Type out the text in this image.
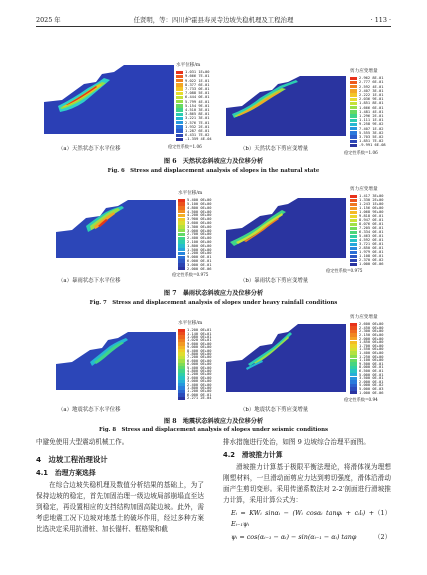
2025 年	任贤明，等：四川炉霍县寿灵寺边坡失稳机理及工程治理	· 113 ·
水平位移/m
1.031 1E+00
9.666 7E-01
9.022 1E-01
8.377 6E-01
7.733 0E-01
7.088 5E-01
6.444 0E-01
5.799 4E-01
5.154 9E-01
4.510 3E-01
3.865 8E-01
3.221 3E-01
2.576 7E-01
1.932 2E-01
1.287 6E-01
6.431 7E-02
-1.359 4E-04
稳定性系数=1.06
剪力应变增量
2.962 8E-01
2.777 6E-01
2.592 4E-01
2.407 3E-01
2.222 1E-01
2.036 9E-01
1.851 8E-01
1.666 6E-01
1.481 4E-01
1.296 2E-01
1.111 1E-01
9.258 9E-02
7.407 1E-02
5.555 3E-02
3.703 5E-02
1.851 7E-02
-9.991 6E-08
稳定性系数=1.06
（a）天然状态下水平位移	（b）天然状态下剪应变增量
图 6　天然状态斜坡应力及位移分析
Fig. 6　Stress and displacement analysis of slopes in the natural state
水平位移/m
5.400 0E+00
5.100 0E+00
4.800 0E+00
4.500 0E+00
4.200 0E+00
3.900 0E+00
3.600 0E+00
3.300 0E+00
3.000 0E+00
2.700 0E+00
2.400 0E+00
2.100 0E+00
1.800 0E+00
1.500 0E+00
1.200 0E+00
9.000 0E-01
6.000 0E-01
3.000 0E-01
2.000 0E-06
稳定性系数=0.975
剪力应变增量
1.417 3E+00
1.330 2E+00
1.243 1E+00
1.156 0E+00
1.068 9E+00
9.818 0E-01
8.947 0E-01
8.076 0E-01
7.205 0E-01
6.334 0E-01
5.463 0E-01
4.592 0E-01
3.721 0E-01
2.850 0E-01
1.979 0E-01
1.108 0E-01
2.370 0E-02
1.000 0E-06
稳定性系数=0.975
（a）暴雨状态下水平位移	（b）暴雨状态下剪应变增量
图 7　暴雨状态斜坡应力及位移分析
Fig. 7　Stress and displacement analysis of slopes under heavy rainfall conditions
水平位移/m
1.200 0E+01
1.140 0E+01
1.080 0E+01
1.020 0E+01
9.600 0E+00
9.000 0E+00
8.400 0E+00
7.800 0E+00
7.200 0E+00
6.600 0E+00
6.000 0E+00
5.400 0E+00
4.800 0E+00
4.200 0E+00
3.600 0E+00
3.000 0E+00
2.400 0E+00
1.800 0E+00
1.200 0E+00
6.000 0E-01
2.271 2E-04
剪力应变增量
2.600 0E+00
2.450 0E+00
2.300 0E+00
2.150 0E+00
2.000 0E+00
1.850 0E+00
1.700 0E+00
1.550 0E+00
1.400 0E+00
1.250 0E+00
1.100 0E+00
9.500 0E-01
8.000 0E-01
6.500 0E-01
5.000 0E-01
3.500 0E-01
2.000 0E-01
5.000 0E-02
5.000 0E-03
1.000 0E-06
稳定性系数=0.94
（a）地震状态下水平位移	（b）地震状态下剪应变增量
图 8　地震状态斜坡应力及位移分析
Fig. 8　Stress and displacement analysis of slopes under seismic conditions

中避免使用大型震动机械工作。

4　边坡工程治理设计

4.1　治理方案选择

在综合边坡失稳机理及数值分析结果的基础上，为了保持边坡的稳定，首先加固治理一级边坡局部崩塌直至达到稳定，再设置相应的支挡结构加固高陡边坡。此外，需考虑地震工况下边坡对地基土的破坏作用，经过多种方案比选决定采用抗滑桩、加长锚杆、框格梁和截

排水措施进行处治，如图 9 边坡综合治理平面图。

4.2　滑坡推力计算

滑坡推力计算基于极限平衡法理论，将滑体视为理想刚塑材料，一旦滑动面剪应力达到剪切强度，滑体沿滑动面产生剪切变形。采用传递系数法对 2-2′剖面进行滑坡推力计算，采用计算公式为：

Eᵢ = KWᵢ sinαᵢ − (Wᵢ cosαᵢ tanφᵢ + cᵢlᵢ) + Eᵢ₋₁ψᵢ
（1）

ψᵢ = cos(αᵢ₋₁ − αᵢ) − sin(αᵢ₋₁ − αᵢ) tanφ	（2）
